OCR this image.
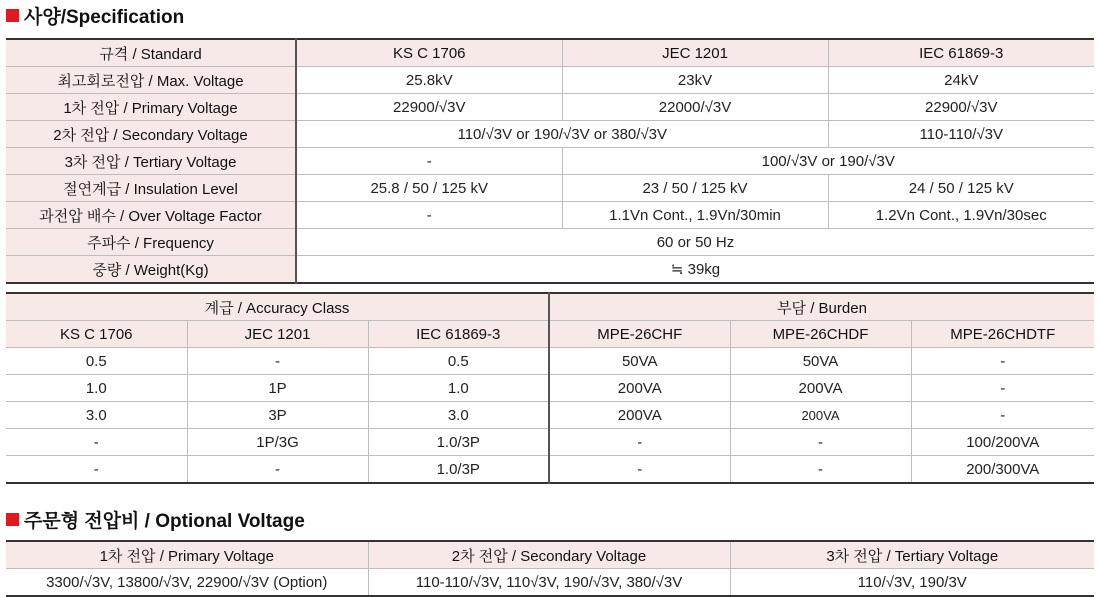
사양/Specification
규격 / Standard	KS C 1706	JEC 1201	IEC 61869-3
최고회로전압 / Max. Voltage	25.8kV	23kV	24kV
1차 전압 / Primary Voltage	22900/√3V	22000/√3V	22900/√3V
2차 전압 / Secondary Voltage	110/√3V or 190/√3V or 380/√3V		110-110/√3V
3차 전압 / Tertiary Voltage	-	100/√3V or 190/√3V	
절연계급 / Insulation Level	25.8 / 50 / 125 kV	23 / 50 / 125 kV	24 / 50 / 125 kV
과전압 배수 / Over Voltage Factor	-	1.1Vn Cont., 1.9Vn/30min	1.2Vn Cont., 1.9Vn/30sec
주파수 / Frequency	60 or 50 Hz		
중량 / Weight(Kg)	≒ 39kg		
계급 / Accuracy Class			부담 / Burden		
KS C 1706	JEC 1201	IEC 61869-3	MPE-26CHF	MPE-26CHDF	MPE-26CHDTF
0.5	-	0.5	50VA	50VA	-
1.0	1P	1.0	200VA	200VA	-
3.0	3P	3.0	200VA	200VA	-
-	1P/3G	1.0/3P	-	-	100/200VA
-	-	1.0/3P	-	-	200/300VA
주문형 전압비 / Optional Voltage
1차 전압 / Primary Voltage	2차 전압 / Secondary Voltage	3차 전압 / Tertiary Voltage
3300/√3V, 13800/√3V, 22900/√3V (Option)	110-110/√3V, 110√3V, 190/√3V, 380/√3V	110/√3V, 190/3V
